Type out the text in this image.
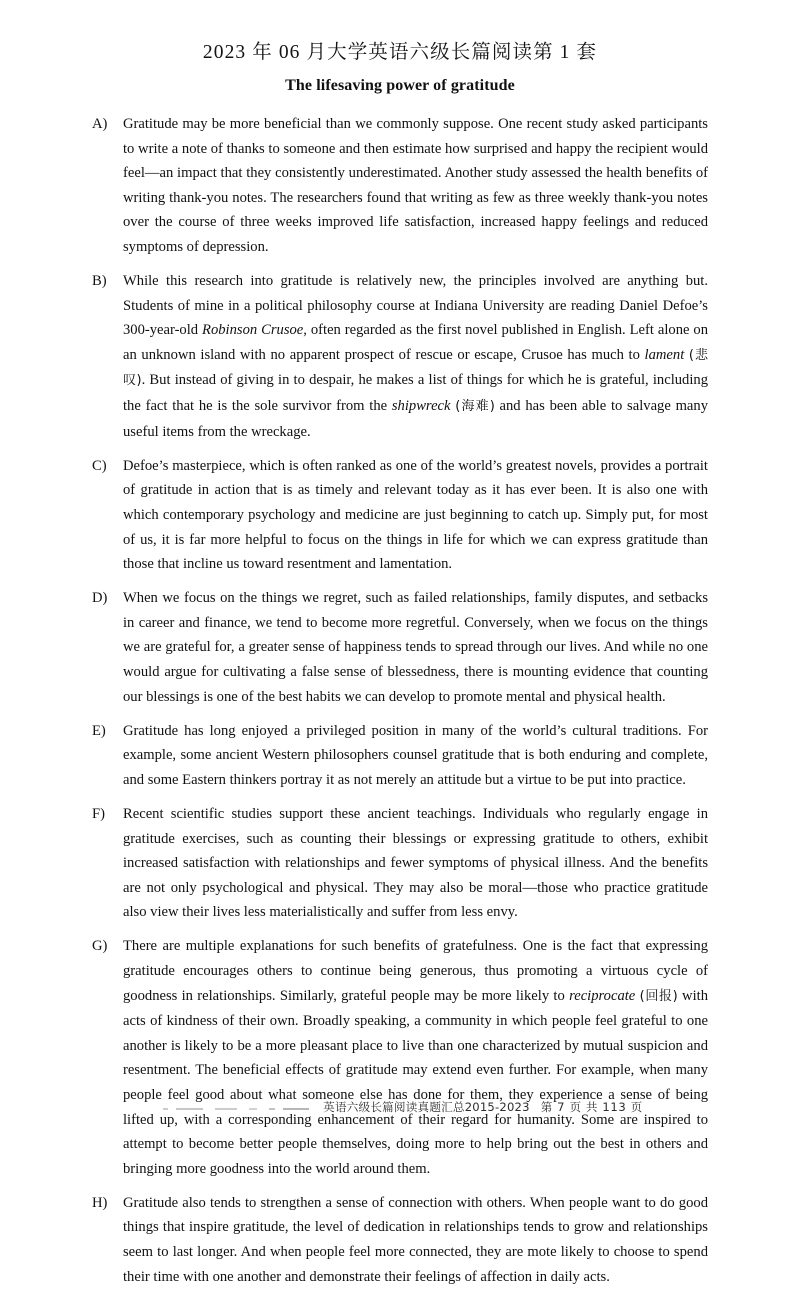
2023 年 06 月大学英语六级长篇阅读第 1 套
The lifesaving power of gratitude
A)	Gratitude may be more beneficial than we commonly suppose. One recent study asked participants to write a note of thanks to someone and then estimate how surprised and happy the recipient would feel—an impact that they consistently underestimated. Another study assessed the health benefits of writing thank-you notes. The researchers found that writing as few as three weekly thank-you notes over the course of three weeks improved life satisfaction, increased happy feelings and reduced symptoms of depression.
B)	While this research into gratitude is relatively new, the principles involved are anything but. Students of mine in a political philosophy course at Indiana University are reading Daniel Defoe’s 300-year-old Robinson Crusoe, often regarded as the first novel published in English. Left alone on an unknown island with no apparent prospect of rescue or escape, Crusoe has much to lament (悲叹). But instead of giving in to despair, he makes a list of things for which he is grateful, including the fact that he is the sole survivor from the shipwreck (海难) and has been able to salvage many useful items from the wreckage.
C)	Defoe’s masterpiece, which is often ranked as one of the world’s greatest novels, provides a portrait of gratitude in action that is as timely and relevant today as it has ever been. It is also one with which contemporary psychology and medicine are just beginning to catch up. Simply put, for most of us, it is far more helpful to focus on the things in life for which we can express gratitude than those that incline us toward resentment and lamentation.
D)	When we focus on the things we regret, such as failed relationships, family disputes, and setbacks in career and finance, we tend to become more regretful. Conversely, when we focus on the things we are grateful for, a greater sense of happiness tends to spread through our lives. And while no one would argue for cultivating a false sense of blessedness, there is mounting evidence that counting our blessings is one of the best habits we can develop to promote mental and physical health.
E)	Gratitude has long enjoyed a privileged position in many of the world’s cultural traditions. For example, some ancient Western philosophers counsel gratitude that is both enduring and complete, and some Eastern thinkers portray it as not merely an attitude but a virtue to be put into practice.
F)	Recent scientific studies support these ancient teachings. Individuals who regularly engage in gratitude exercises, such as counting their blessings or expressing gratitude to others, exhibit increased satisfaction with relationships and fewer symptoms of physical illness. And the benefits are not only psychological and physical. They may also be moral—those who practice gratitude also view their lives less materialistically and suffer from less envy.
G)	There are multiple explanations for such benefits of gratefulness. One is the fact that expressing gratitude encourages others to continue being generous, thus promoting a virtuous cycle of goodness in relationships. Similarly, grateful people may be more likely to reciprocate (回报) with acts of kindness of their own. Broadly speaking, a community in which people feel grateful to one another is likely to be a more pleasant place to live than one characterized by mutual suspicion and resentment. The beneficial effects of gratitude may extend even further. For example, when many people feel good about what someone else has done for them, they experience a sense of being lifted up, with a corresponding enhancement of their regard for humanity. Some are inspired to attempt to become better people themselves, doing more to help bring out the best in others and bringing more goodness into the world around them.
H)	Gratitude also tends to strengthen a sense of connection with others. When people want to do good things that inspire gratitude, the level of dedication in relationships tends to grow and relationships seem to last longer. And when people feel more connected, they are mote likely to choose to spend their time with one another and demonstrate their feelings of affection in daily acts.
英语六级长篇阅读真题汇总2015-2023 第 7 页 共 113 页
